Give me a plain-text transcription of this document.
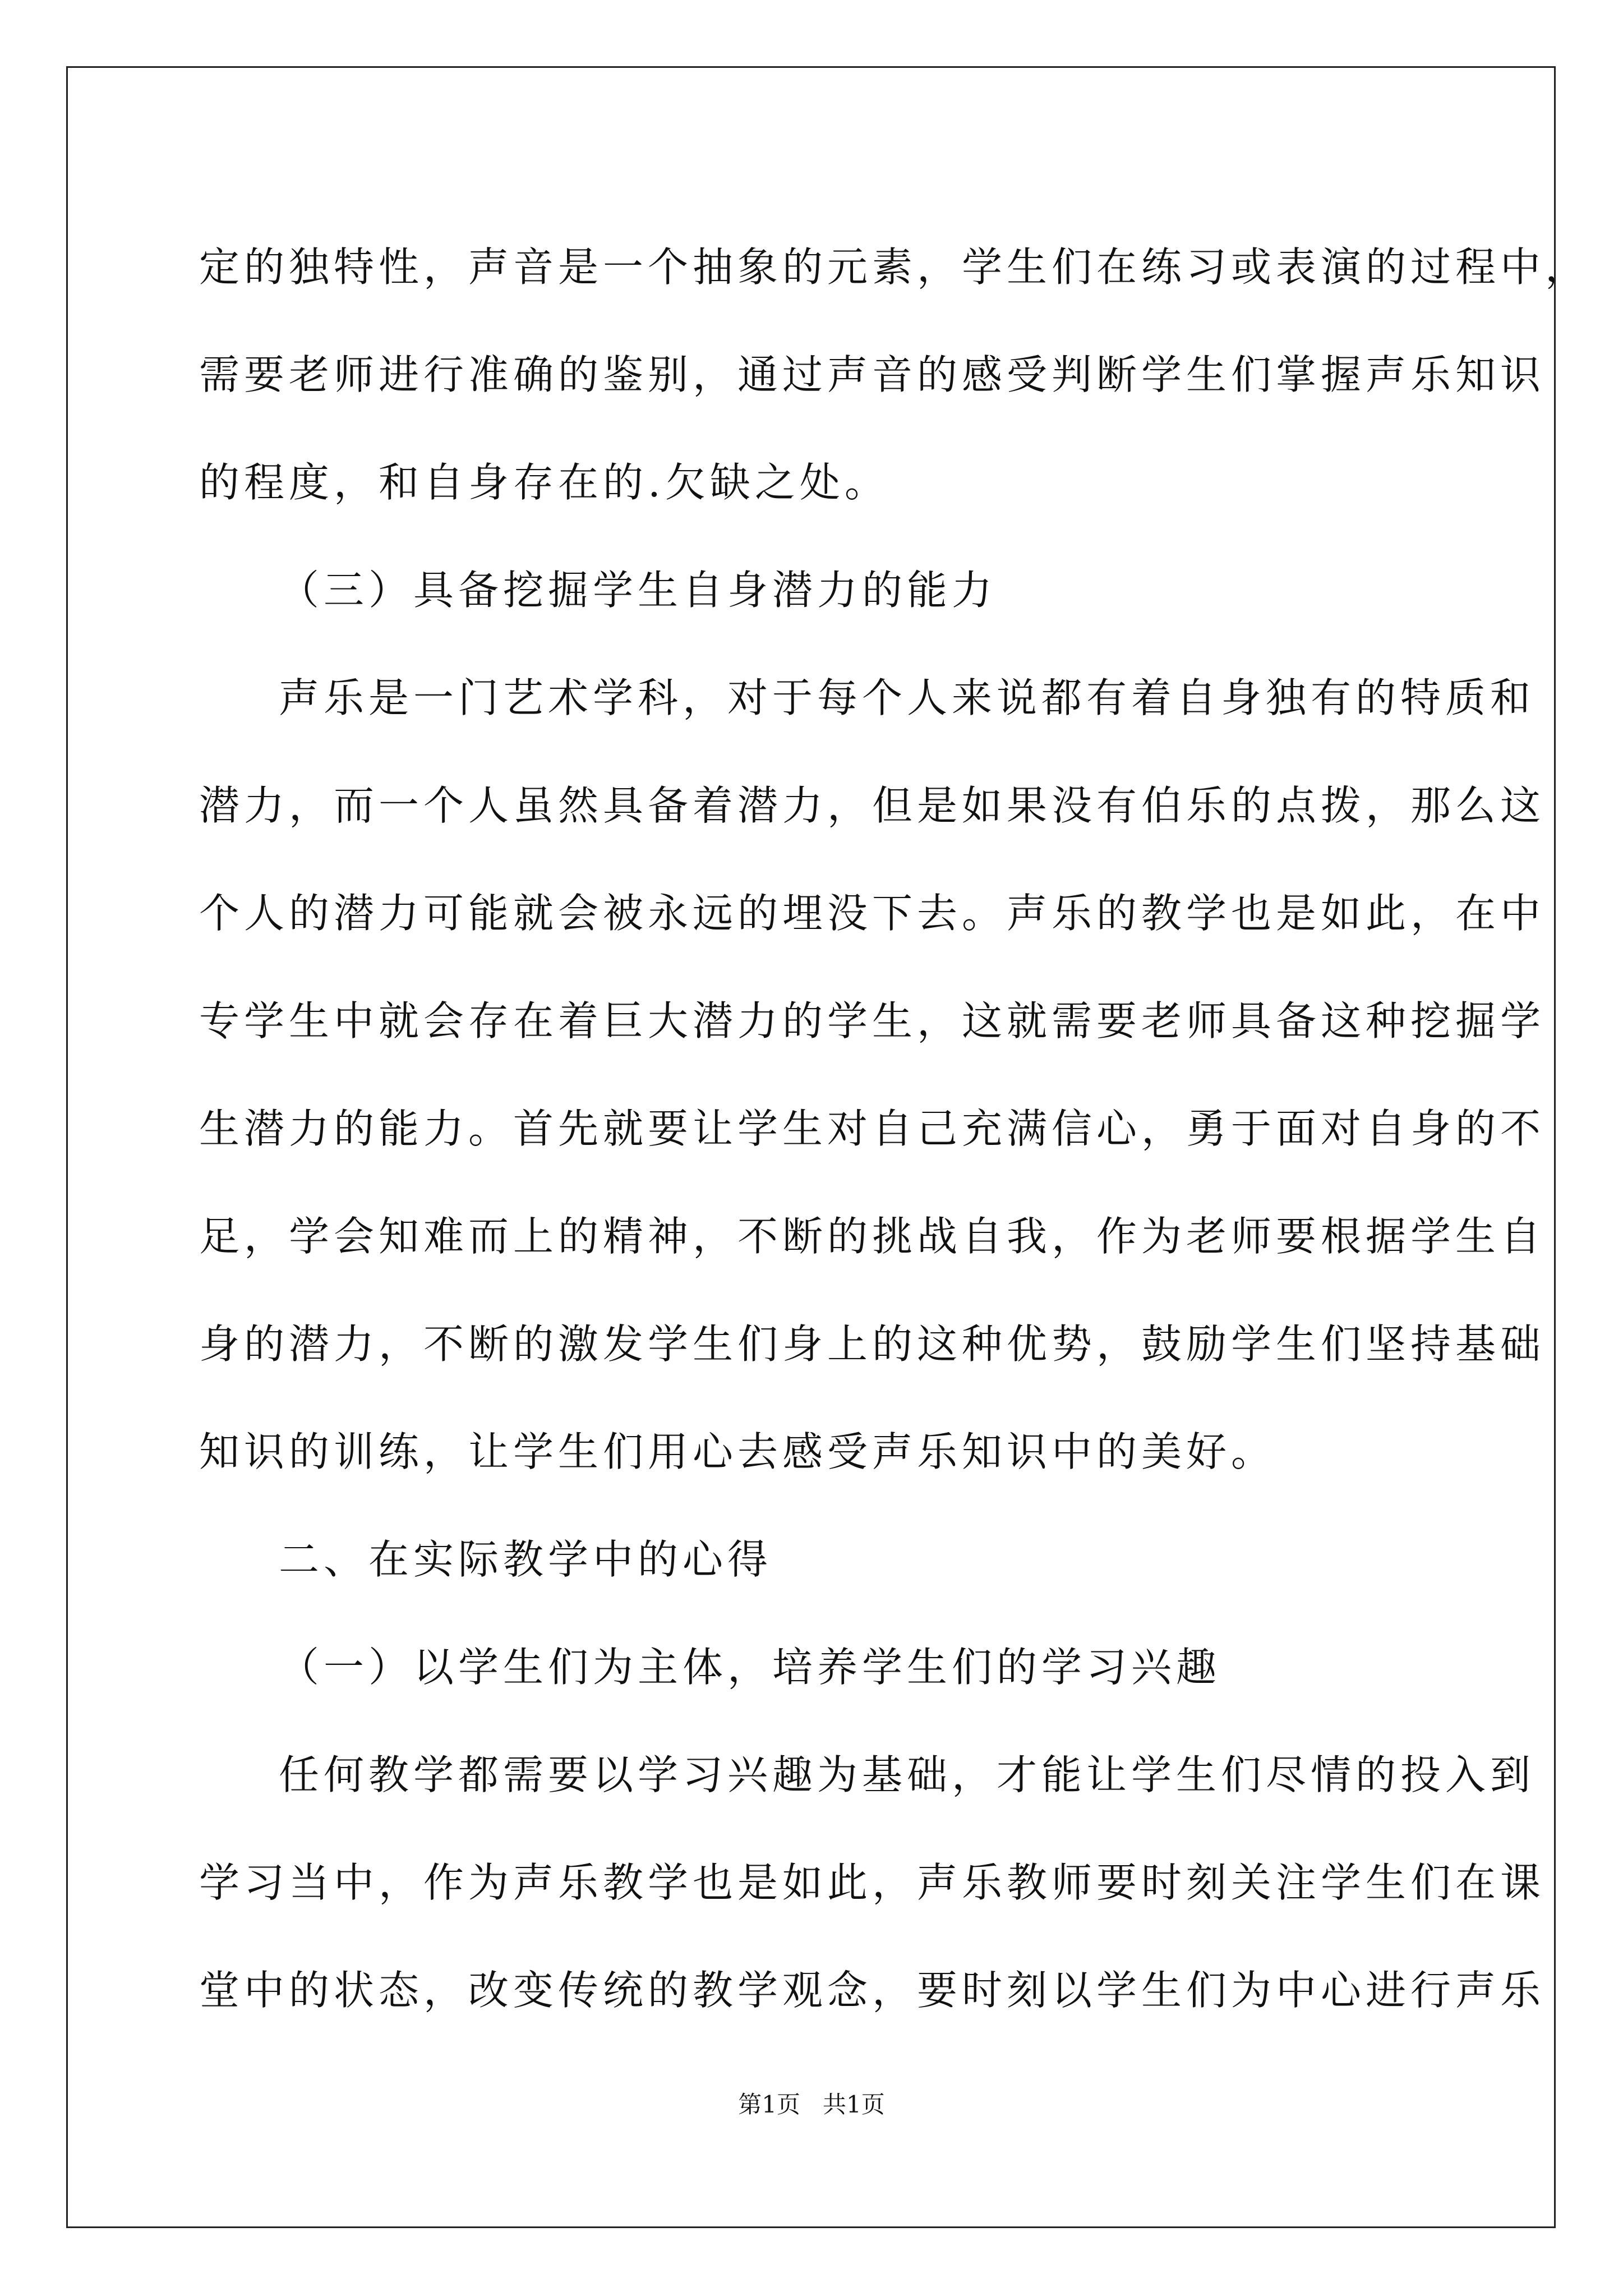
定的独特性，声音是一个抽象的元素，学生们在练习或表演的过程中，
需要老师进行准确的鉴别，通过声音的感受判断学生们掌握声乐知识
的程度，和自身存在的.欠缺之处。
（三）具备挖掘学生自身潜力的能力
声乐是一门艺术学科，对于每个人来说都有着自身独有的特质和
潜力，而一个人虽然具备着潜力，但是如果没有伯乐的点拨，那么这
个人的潜力可能就会被永远的埋没下去。声乐的教学也是如此，在中
专学生中就会存在着巨大潜力的学生，这就需要老师具备这种挖掘学
生潜力的能力。首先就要让学生对自己充满信心，勇于面对自身的不
足，学会知难而上的精神，不断的挑战自我，作为老师要根据学生自
身的潜力，不断的激发学生们身上的这种优势，鼓励学生们坚持基础
知识的训练，让学生们用心去感受声乐知识中的美好。
二、在实际教学中的心得
（一）以学生们为主体，培养学生们的学习兴趣
任何教学都需要以学习兴趣为基础，才能让学生们尽情的投入到
学习当中，作为声乐教学也是如此，声乐教师要时刻关注学生们在课
堂中的状态，改变传统的教学观念，要时刻以学生们为中心进行声乐
第1页   共1页
